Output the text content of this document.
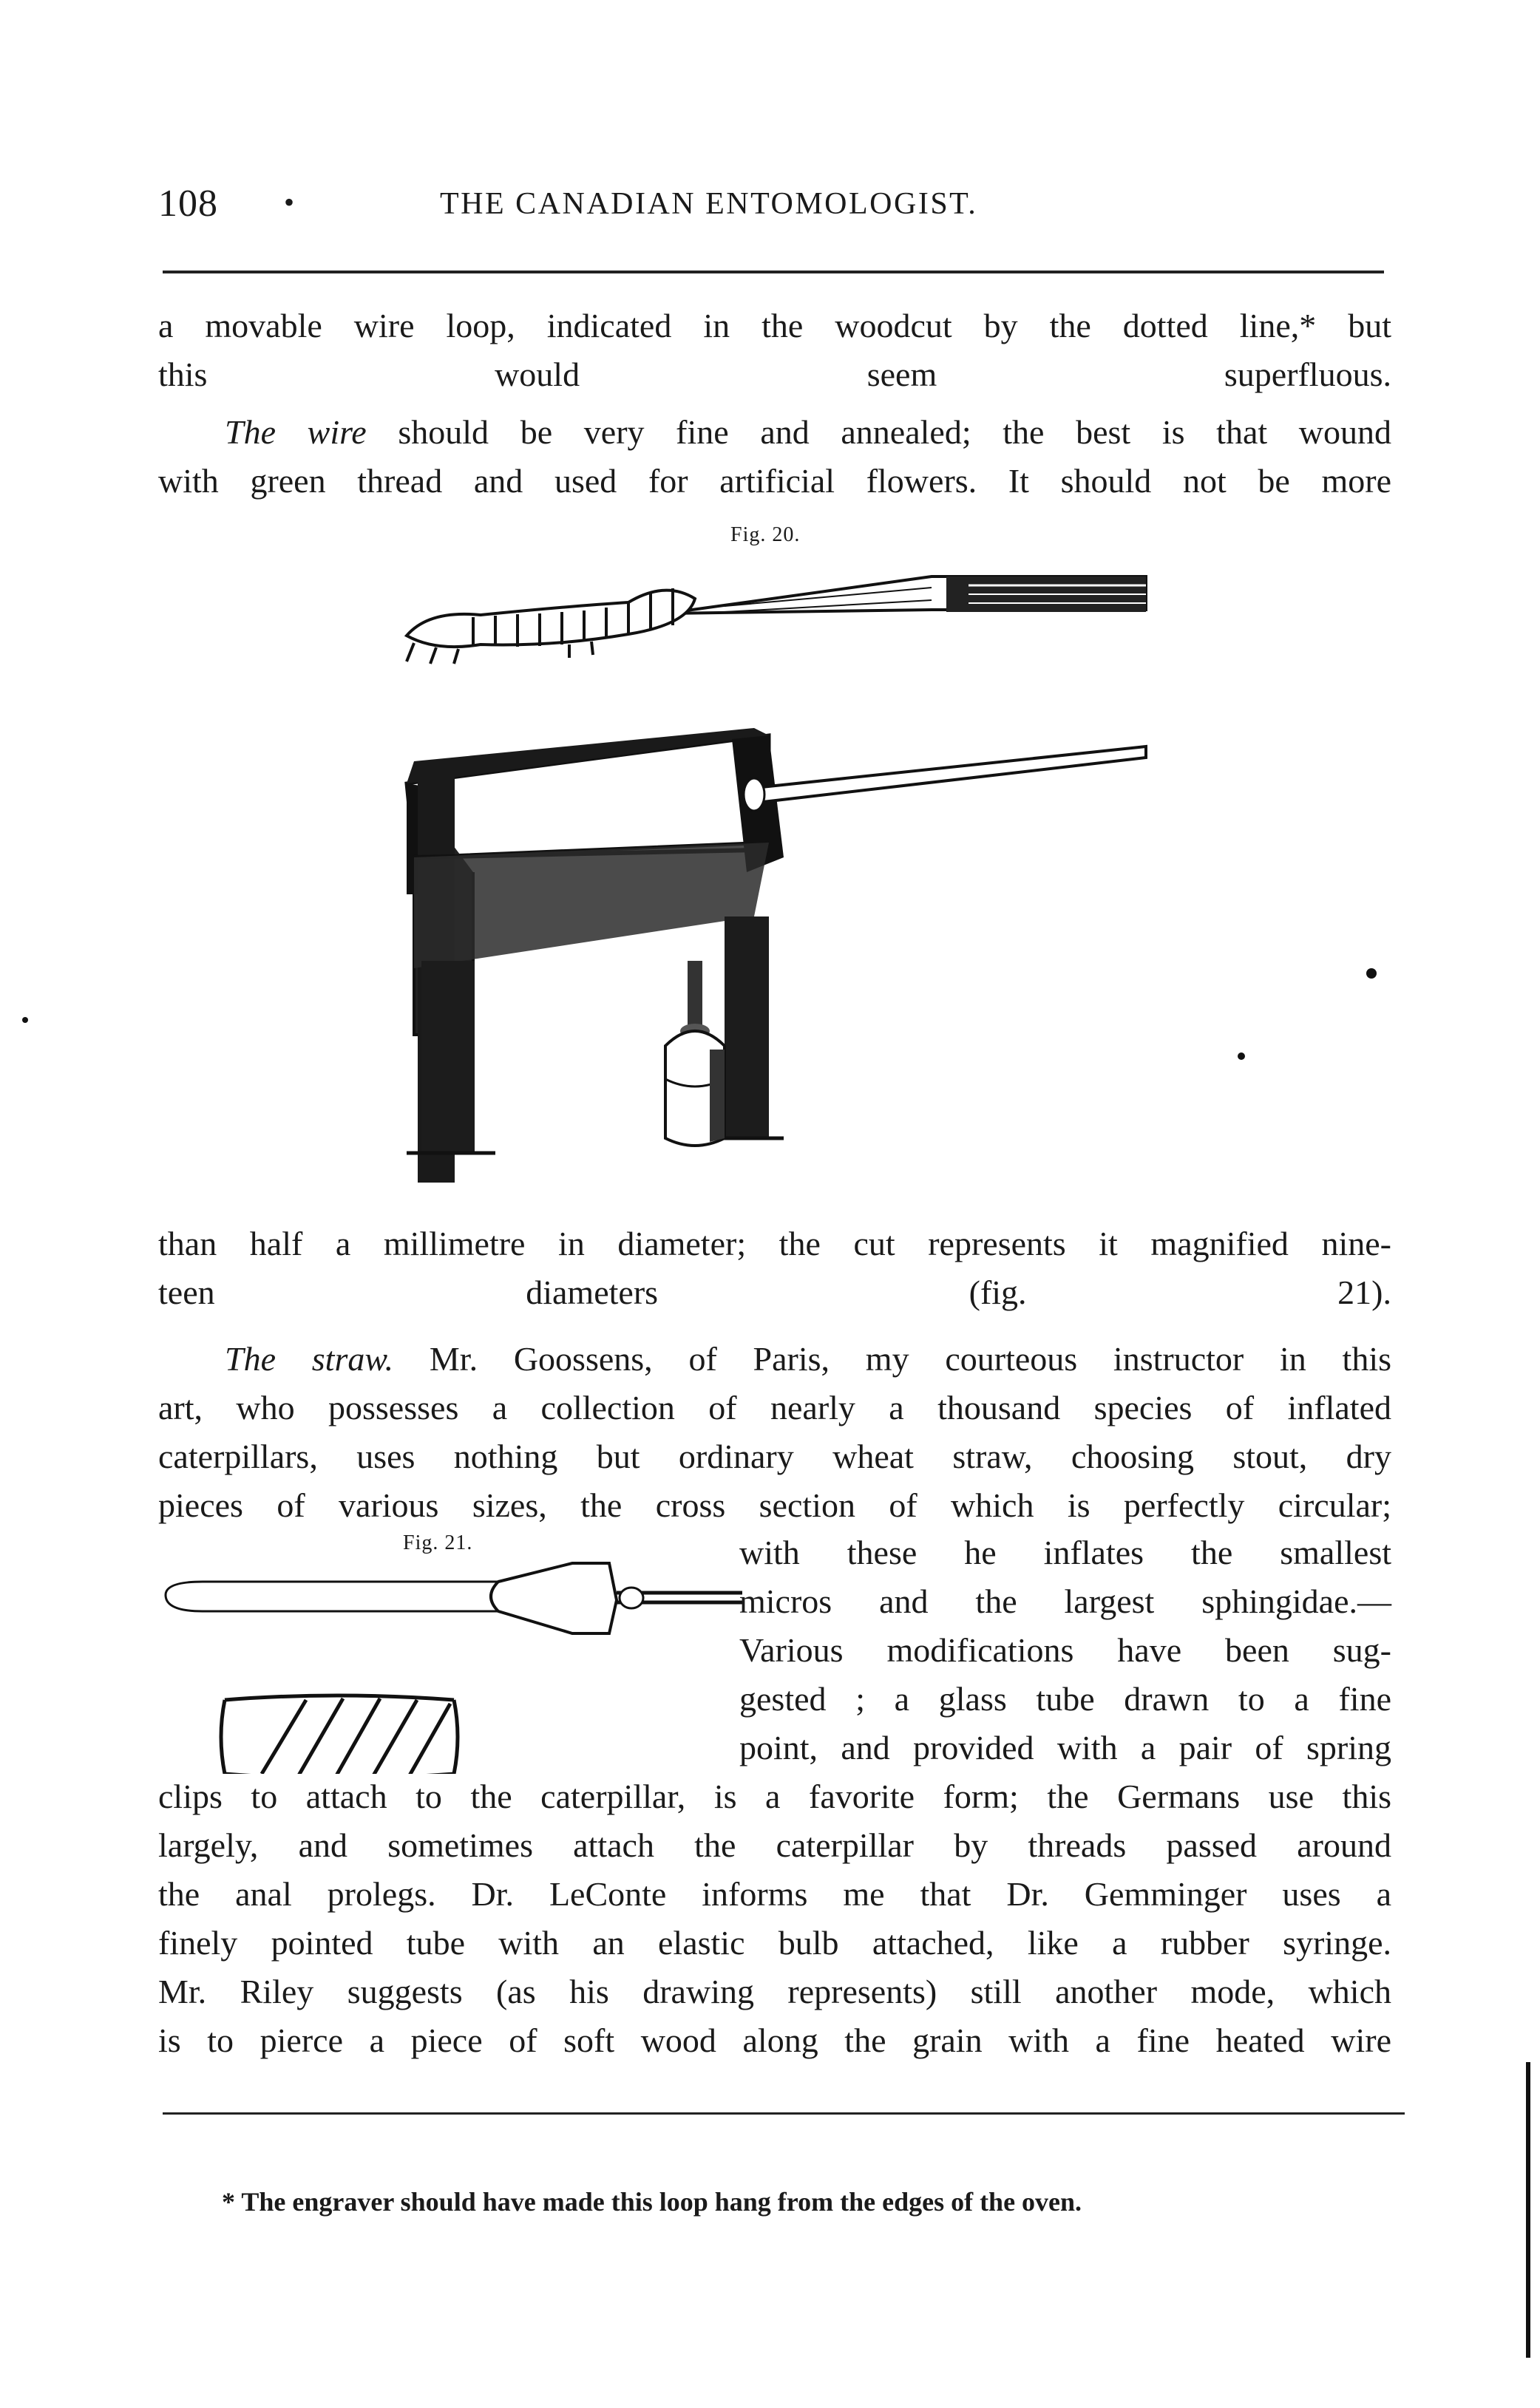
108 •	THE CANADIAN ENTOMOLOGIST.
a movable wire loop, indicated in the woodcut by the dotted line,* but
this would seem superfluous.
The wire should be very fine and annealed; the best is that wound
with green thread and used for artificial flowers. It should not be more
Fig. 20.
than half a millimetre in diameter; the cut represents it magnified nine-
teen diameters (fig. 21).
The straw. Mr. Goossens, of Paris, my courteous instructor in this
art, who possesses a collection of nearly a thousand species of inflated
caterpillars, uses nothing but ordinary wheat straw, choosing stout, dry
pieces of various sizes, the cross section of which is perfectly circular;
Fig. 21.	with these he inflates the smallest
micros and the largest sphingidae.—
Various modifications have been sug-
gested ; a glass tube drawn to a fine
point, and provided with a pair of spring
clips to attach to the caterpillar, is a favorite form; the Germans use this
largely, and sometimes attach the caterpillar by threads passed around
the anal prolegs. Dr. LeConte informs me that Dr. Gemminger uses a
finely pointed tube with an elastic bulb attached, like a rubber syringe.
Mr. Riley suggests (as his drawing represents) still another mode, which
is to pierce a piece of soft wood along the grain with a fine heated wire
* The engraver should have made this loop hang from the edges of the oven.
